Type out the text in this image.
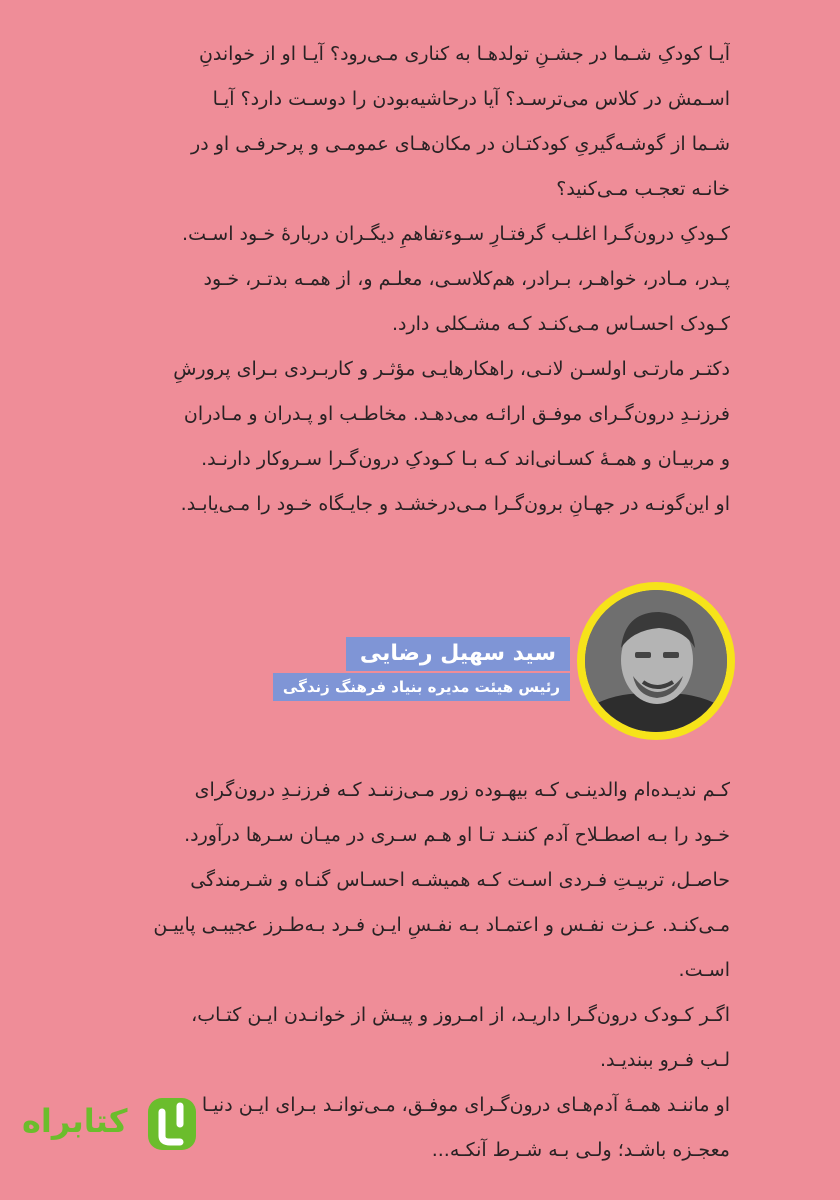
آیـا کودکِ شـما در جشـنِ تولدهـا به کناری مـی‌رود؟ آیـا او از خواندنِ
اسـمش در کلاس می‌ترسـد؟ آیا درحاشیه‌بودن را دوسـت دارد؟ آیـا
شـما از گوشـه‌گیریِ کودکتـان در مکان‌هـای عمومـی و پرحرفـی او در
خانـه تعجـب مـی‌کنید؟
کـودکِ درون‌گـرا اغلـب گرفتـارِ سـوءتفاهمِ دیگـران دربارۀ خـود اسـت.
پـدر، مـادر، خواهـر، بـرادر، هم‌کلاسـی، معلـم و، از همـه بدتـر، خـود
کـودک احسـاس مـی‌کنـد کـه مشـکلی دارد.
دکتـر مارتـی اولسـن لانـی، راهکارهایـی مؤثـر و کاربـردی بـرای پرورشِ
فرزنـدِ درون‌گـرای موفـق ارائـه می‌دهـد. مخاطـب او پـدران و مـادران
و مربیـان و همـۀ کسـانی‌اند کـه بـا کـودکِ درون‌گـرا سـروکار دارنـد.
او این‌گونـه در جهـانِ برون‌گـرا مـی‌درخشـد و جایـگاه خـود را مـی‌یابـد.
سید سهیل رضایی
رئیس هیئت مدیره بنیاد فرهنگ زندگی
کـم ندیـده‌ام والدینـی کـه بیهـوده زور مـی‌زننـد کـه فرزنـدِ درون‌گرای
خـود را بـه اصطـلاح آدم کننـد تـا او هـم سـری در میـان سـرها درآورد.
حاصـل، تربیـتِ فـردی اسـت کـه همیشـه احسـاس گنـاه و شـرمندگی
مـی‌کنـد. عـزت نفـس و اعتمـاد بـه نفـسِ ایـن فـرد بـه‌طـرز عجیبـی پاییـن
اسـت.
اگـر کـودک درون‌گـرا داریـد، از امـروز و پیـش از خوانـدن ایـن کتـاب،
لـب فـرو ببندیـد.
او ماننـد همـۀ آدم‌هـای درون‌گـرای موفـق، مـی‌توانـد بـرای ایـن دنیـا
معجـزه باشـد؛ ولـی بـه شـرط آنکـه...
کتابراه
